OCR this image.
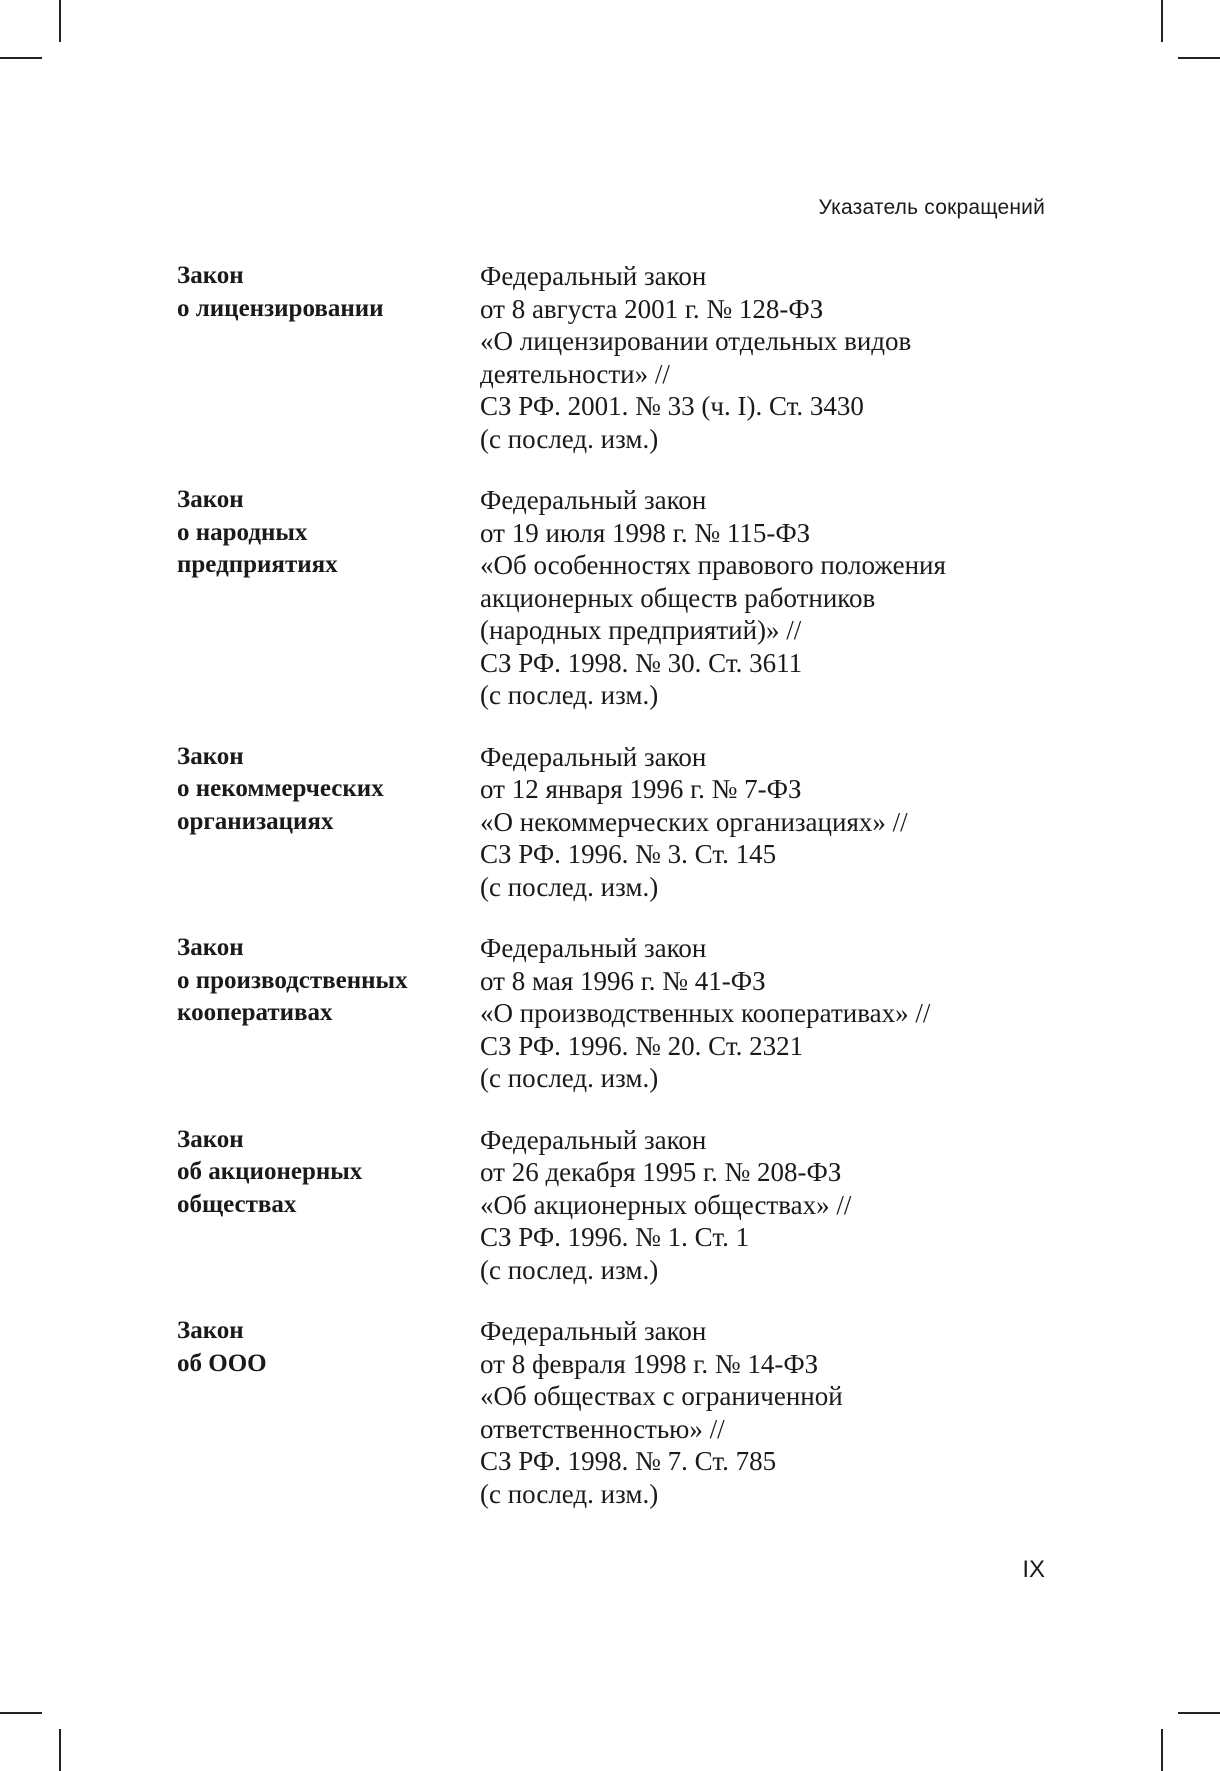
Указатель сокращений
Закон
о лицензировании
Федеральный закон
от 8 августа 2001 г. № 128-ФЗ
«О лицензировании отдельных видов
деятельности» //
СЗ РФ. 2001. № 33 (ч. I). Ст. 3430
(с послед. изм.)
Закон
о народных
предприятиях
Федеральный закон
от 19 июля 1998 г. № 115-ФЗ
«Об особенностях правового положения
акционерных обществ работников
(народных предприятий)» //
СЗ РФ. 1998. № 30. Ст. 3611
(с послед. изм.)
Закон
о некоммерческих
организациях
Федеральный закон
от 12 января 1996 г. № 7-ФЗ
«О некоммерческих организациях» //
СЗ РФ. 1996. № 3. Ст. 145
(с послед. изм.)
Закон
о производственных
кооперативах
Федеральный закон
от 8 мая 1996 г. № 41-ФЗ
«О производственных кооперативах» //
СЗ РФ. 1996. № 20. Ст. 2321
(с послед. изм.)
Закон
об акционерных
обществах
Федеральный закон
от 26 декабря 1995 г. № 208-ФЗ
«Об акционерных обществах» //
СЗ РФ. 1996. № 1. Ст. 1
(с послед. изм.)
Закон
об ООО
Федеральный закон
от 8 февраля 1998 г. № 14-ФЗ
«Об обществах с ограниченной
ответственностью» //
СЗ РФ. 1998. № 7. Ст. 785
(с послед. изм.)
IX
